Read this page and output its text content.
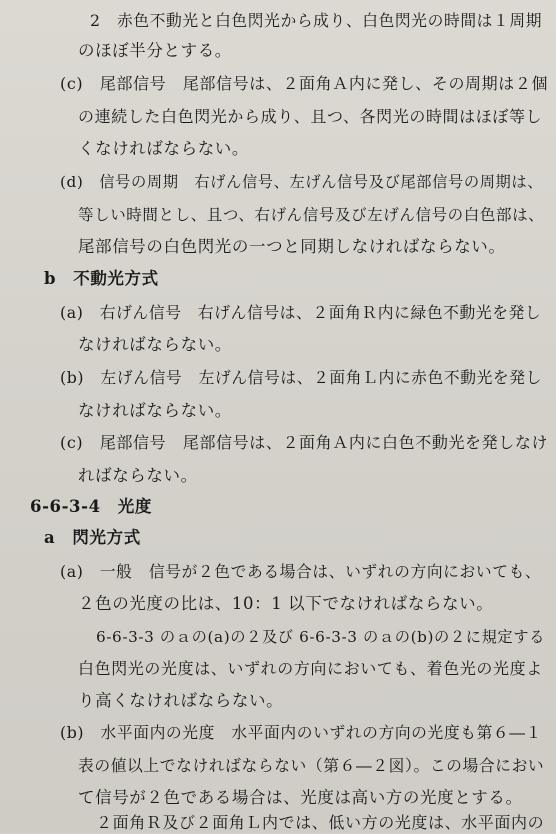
2　赤色不動光と白色閃光から成り、白色閃光の時間は１周期
のほぼ半分とする。
(c)　尾部信号　尾部信号は、２面角Ａ内に発し、その周期は２個
の連続した白色閃光から成り、且つ、各閃光の時間はほぼ等し
くなければならない。
(d)　信号の周期　右げん信号、左げん信号及び尾部信号の周期は、
等しい時間とし、且つ、右げん信号及び左げん信号の白色部は、
尾部信号の白色閃光の一つと同期しなければならない。
b　不動光方式
(a)　右げん信号　右げん信号は、２面角Ｒ内に緑色不動光を発し
なければならない。
(b)　左げん信号　左げん信号は、２面角Ｌ内に赤色不動光を発し
なければならない。
(c)　尾部信号　尾部信号は、２面角Ａ内に白色不動光を発しなけ
ればならない。
6-6-3-4　光度
a　閃光方式
(a)　一般　信号が２色である場合は、いずれの方向においても、
２色の光度の比は、10：1 以下でなければならない。
6-6-3-3 のａの(a)の２及び 6-6-3-3 のａの(b)の２に規定する
白色閃光の光度は、いずれの方向においても、着色光の光度よ
り高くなければならない。
(b)　水平面内の光度　水平面内のいずれの方向の光度も第６―１
表の値以上でなければならない（第６―２図）。この場合におい
て信号が２色である場合は、光度は高い方の光度とする。
２面角Ｒ及び２面角Ｌ内では、低い方の光度は、水平面内の
